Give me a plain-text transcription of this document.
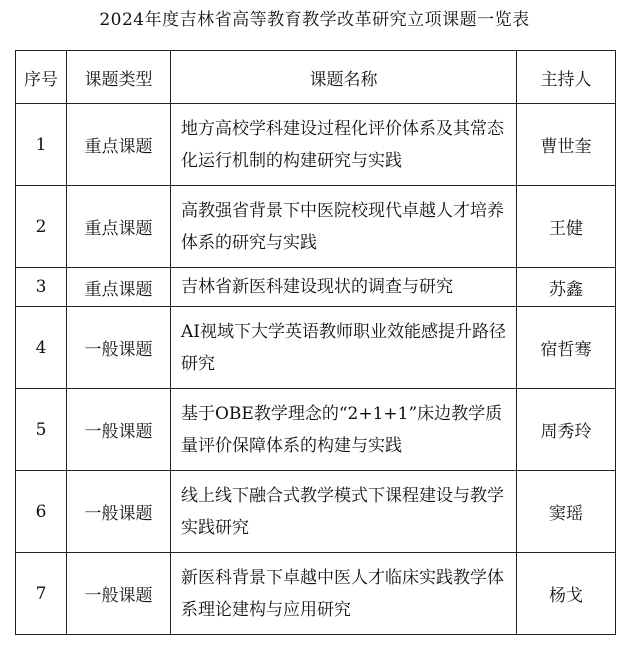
2024年度吉林省高等教育教学改革研究立项课题一览表
序号	课题类型	课题名称	主持人
1	重点课题	地方高校学科建设过程化评价体系及其常态化运行机制的构建研究与实践	曹世奎
2	重点课题	高教强省背景下中医院校现代卓越人才培养体系的研究与实践	王健
3	重点课题	吉林省新医科建设现状的调查与研究	苏鑫
4	一般课题	AI视域下大学英语教师职业效能感提升路径研究	宿哲骞
5	一般课题	基于OBE教学理念的“2+1+1”床边教学质量评价保障体系的构建与实践	周秀玲
6	一般课题	线上线下融合式教学模式下课程建设与教学实践研究	窦瑶
7	一般课题	新医科背景下卓越中医人才临床实践教学体系理论建构与应用研究	杨戈
